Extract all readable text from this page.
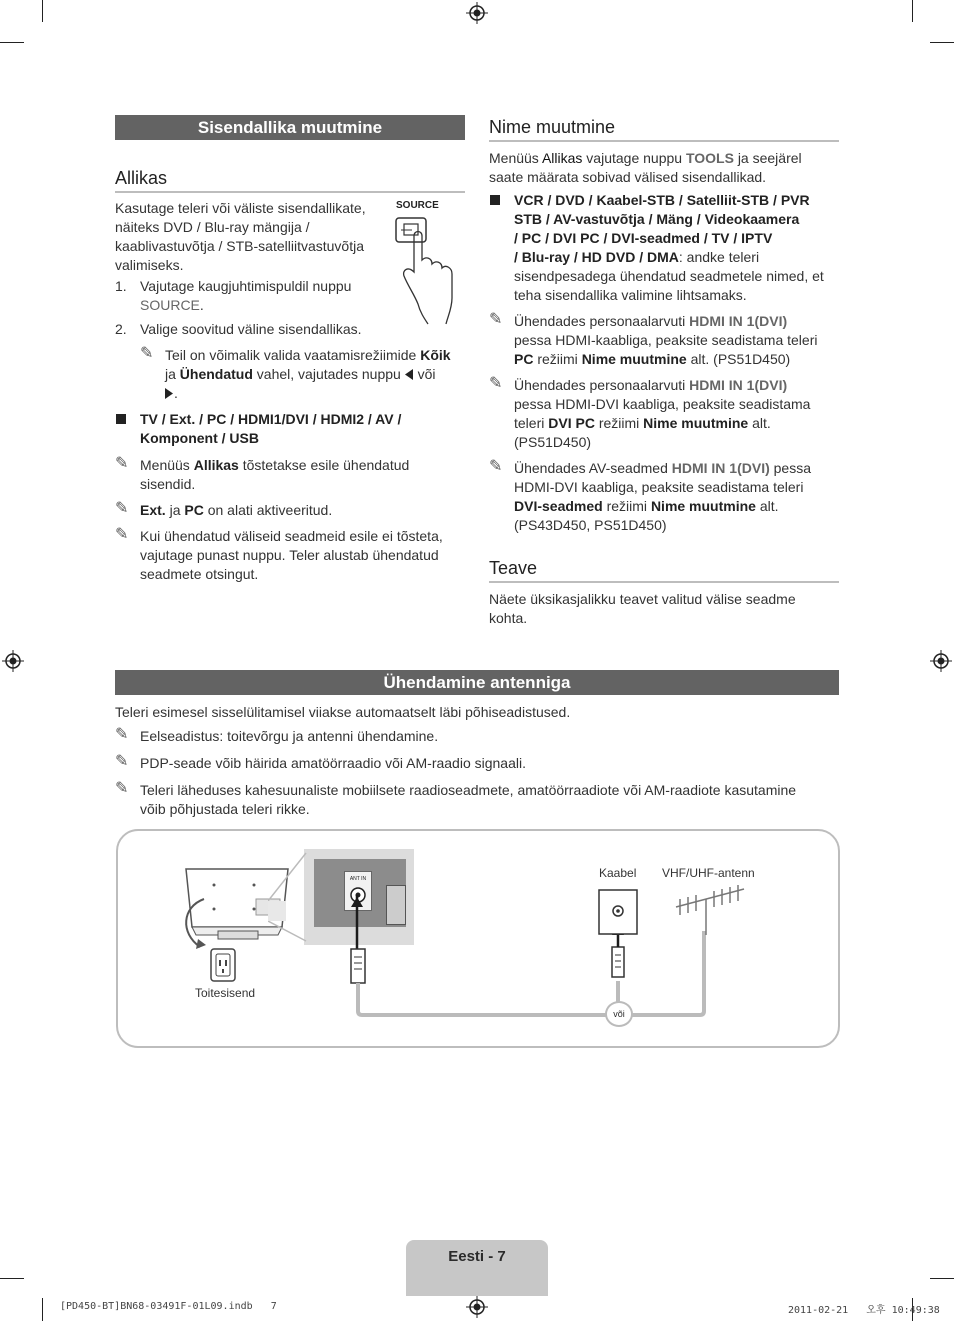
Sisendallika muutmine
Allikas
Kasutage teleri või väliste sisendallikate,
näiteks DVD / Blu-ray mängija /
kaablivastuvõtja / STB-satelliitvastuvõtja
valimiseks.
SOURCE
1. Vajutage kaugjuhtimispuldil nuppu
SOURCE.
2. Valige soovitud väline sisendallikas.
✎ Teil on võimalik valida vaatamisrežiimide Kõik
ja Ühendatud vahel, vajutades nuppu või
.
TV / Ext. / PC / HDMI1/DVI / HDMI2 / AV /
Komponent / USB
✎ Menüüs Allikas tõstetakse esile ühendatud
sisendid.
✎ Ext. ja PC on alati aktiveeritud.
✎ Kui ühendatud väliseid seadmeid esile ei tõsteta,
vajutage punast nuppu. Teler alustab ühendatud
seadmete otsingut.
Nime muutmine
Menüüs Allikas vajutage nuppu TOOLS ja seejärel
saate määrata sobivad välised sisendallikad.
VCR / DVD / Kaabel-STB / Satelliit-STB / PVR
STB / AV-vastuvõtja / Mäng / Videokaamera
/ PC / DVI PC / DVI-seadmed / TV / IPTV
/ Blu-ray / HD DVD / DMA: andke teleri
sisendpesadega ühendatud seadmetele nimed, et
teha sisendallika valimine lihtsamaks.
✎ Ühendades personaalarvuti HDMI IN 1(DVI)
pessa HDMI-kaabliga, peaksite seadistama teleri
PC režiimi Nime muutmine alt. (PS51D450)
✎ Ühendades personaalarvuti HDMI IN 1(DVI)
pessa HDMI-DVI kaabliga, peaksite seadistama
teleri DVI PC režiimi Nime muutmine alt.
(PS51D450)
✎ Ühendades AV-seadmed HDMI IN 1(DVI) pessa
HDMI-DVI kaabliga, peaksite seadistama teleri
DVI-seadmed režiimi Nime muutmine alt.
(PS43D450, PS51D450)
Teave
Näete üksikasjalikku teavet valitud välise seadme
kohta.
Ühendamine antenniga
Teleri esimesel sisselülitamisel viiakse automaatselt läbi põhiseadistused.
✎ Eelseadistus: toitevõrgu ja antenni ühendamine.
✎ PDP-seade võib häirida amatöörraadio või AM-raadio signaali.
✎ Teleri läheduses kahesuunaliste mobiilsete raadioseadmete, amatöörraadiote või AM-raadiote kasutamine
võib põhjustada teleri rikke.
Toitesisend
ANT IN
või
Kaabel VHF/UHF-antenn
Eesti - 7
[PD450-BT]BN68-03491F-01L09.indb   7	2011-02-21   오후 10:49:38
